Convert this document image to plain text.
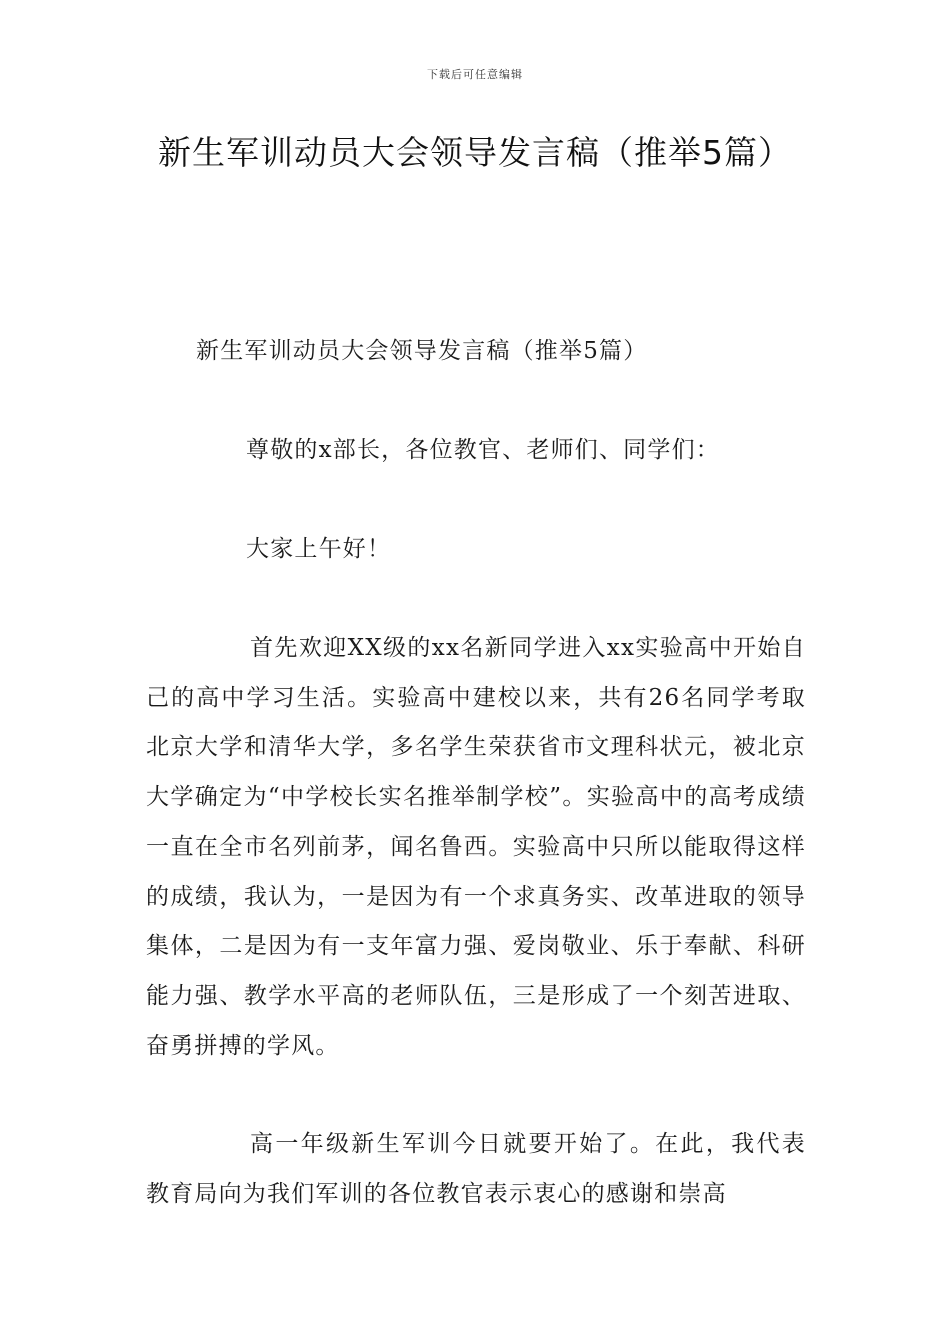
下载后可任意编辑
新生军训动员大会领导发言稿（推举5篇）

新生军训动员大会领导发言稿（推举5篇）

尊敬的x部长，各位教官、老师们、同学们：

大家上午好！

首先欢迎XX级的xx名新同学进入xx实验高中开始自己的高中学习生活。实验高中建校以来，共有26名同学考取北京大学和清华大学，多名学生荣获省市文理科状元，被北京大学确定为“中学校长实名推举制学校”。实验高中的高考成绩一直在全市名列前茅，闻名鲁西。实验高中只所以能取得这样的成绩，我认为，一是因为有一个求真务实、改革进取的领导集体，二是因为有一支年富力强、爱岗敬业、乐于奉献、科研能力强、教学水平高的老师队伍，三是形成了一个刻苦进取、奋勇拼搏的学风。

高一年级新生军训今日就要开始了。在此，我代表教育局向为我们军训的各位教官表示衷心的感谢和崇高
